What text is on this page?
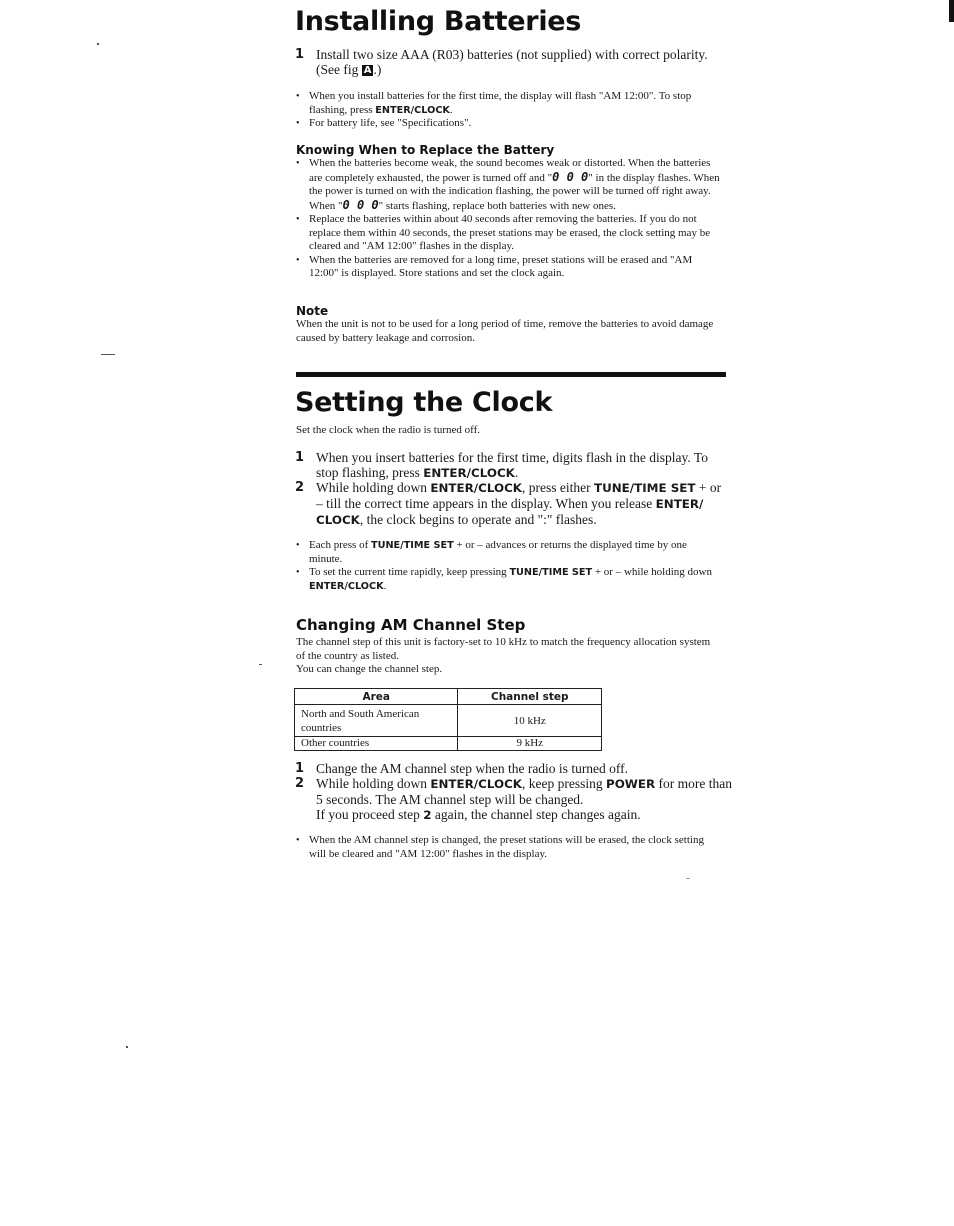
Installing Batteries
1 Install two size AAA (R03) batteries (not supplied) with correct polarity.
(See fig A .)
• When you install batteries for the first time, the display will flash "AM 12:00". To stop flashing, press ENTER/CLOCK.
• For battery life, see "Specifications".
Knowing When to Replace the Battery
• When the batteries become weak, the sound becomes weak or distorted. When the batteries are completely exhausted, the power is turned off and "0 0 0" in the display flashes. When the power is turned on with the indication flashing, the power will be turned off right away.
When "0 0 0" starts flashing, replace both batteries with new ones.
• Replace the batteries within about 40 seconds after removing the batteries. If you do not replace them within 40 seconds, the preset stations may be erased, the clock setting may be cleared and "AM 12:00" flashes in the display.
• When the batteries are removed for a long time, preset stations will be erased and "AM 12:00" is displayed. Store stations and set the clock again.
Note
When the unit is not to be used for a long period of time, remove the batteries to avoid damage caused by battery leakage and corrosion.
Setting the Clock
Set the clock when the radio is turned off.
1 When you insert batteries for the first time, digits flash in the display. To stop flashing, press ENTER/CLOCK.
2 While holding down ENTER/CLOCK, press either TUNE/TIME SET + or – till the correct time appears in the display. When you release ENTER/ CLOCK, the clock begins to operate and ":" flashes.
• Each press of TUNE/TIME SET + or – advances or returns the displayed time by one minute.
• To set the current time rapidly, keep pressing TUNE/TIME SET + or – while holding down ENTER/CLOCK.
Changing AM Channel Step
The channel step of this unit is factory-set to 10 kHz to match the frequency allocation system of the country as listed.
You can change the channel step.
Area	Channel step
North and South American countries	10 kHz
Other countries	9 kHz
1 Change the AM channel step when the radio is turned off.
2 While holding down ENTER/CLOCK, keep pressing POWER for more than 5 seconds. The AM channel step will be changed.
If you proceed step 2 again, the channel step changes again.
• When the AM channel step is changed, the preset stations will be erased, the clock setting will be cleared and "AM 12:00" flashes in the display.
